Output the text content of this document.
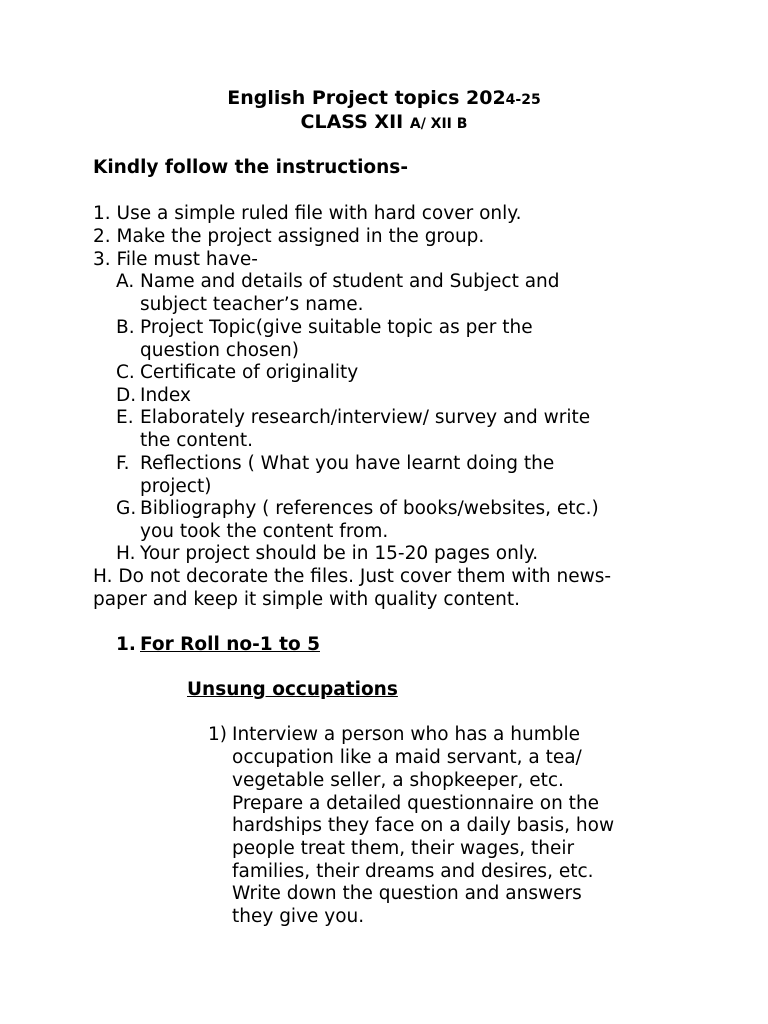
English Project topics 2024-25
CLASS XII A/ XII B
Kindly follow the instructions-
1. Use a simple ruled file with hard cover only.
2. Make the project assigned in the group.
3. File must have-
A. Name and details of student and Subject and
subject teacher’s name.
B. Project Topic(give suitable topic as per the
question chosen)
C. Certificate of originality
D. Index
E. Elaborately research/interview/ survey and write
the content.
F. Reflections ( What you have learnt doing the
project)
G. Bibliography ( references of books/websites, etc.)
you took the content from.
H. Your project should be in 15-20 pages only.
H. Do not decorate the files. Just cover them with news-
paper and keep it simple with quality content.
1. For Roll no-1 to 5
Unsung occupations
1) Interview a person who has a humble
occupation like a maid servant, a tea/
vegetable seller, a shopkeeper, etc.
Prepare a detailed questionnaire on the
hardships they face on a daily basis, how
people treat them, their wages, their
families, their dreams and desires, etc.
Write down the question and answers
they give you.
